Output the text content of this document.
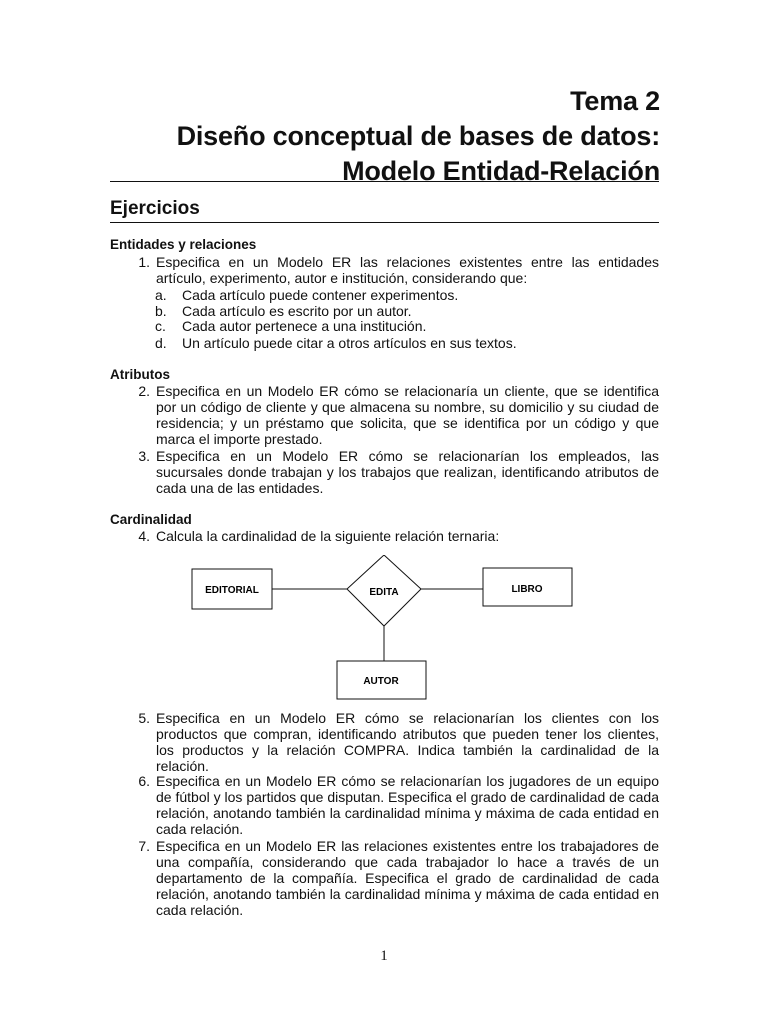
Tema 2
Diseño conceptual de bases de datos:
Modelo Entidad-Relación
Ejercicios
Entidades y relaciones
1. Especifica en un Modelo ER las relaciones existentes entre las entidades artículo, experimento, autor e institución, considerando que:
a. Cada artículo puede contener experimentos.
b. Cada artículo es escrito por un autor.
c. Cada autor pertenece a una institución.
d. Un artículo puede citar a otros artículos en sus textos.
Atributos
2. Especifica en un Modelo ER cómo se relacionaría un cliente, que se identifica por un código de cliente y que almacena su nombre, su domicilio y su ciudad de residencia; y un préstamo que solicita, que se identifica por un código y que marca el importe prestado.
3. Especifica en un Modelo ER cómo se relacionarían los empleados, las sucursales donde trabajan y los trabajos que realizan, identificando atributos de cada una de las entidades.
Cardinalidad
4. Calcula la cardinalidad de la siguiente relación ternaria:
EDITORIAL	LIBRO
EDITA
AUTOR
5. Especifica en un Modelo ER cómo se relacionarían los clientes con los productos que compran, identificando atributos que pueden tener los clientes, los productos y la relación COMPRA. Indica también la cardinalidad de la relación.
6. Especifica en un Modelo ER cómo se relacionarían los jugadores de un equipo de fútbol y los partidos que disputan. Especifica el grado de cardinalidad de cada relación, anotando también la cardinalidad mínima y máxima de cada entidad en cada relación.
7. Especifica en un Modelo ER las relaciones existentes entre los trabajadores de una compañía, considerando que cada trabajador lo hace a través de un departamento de la compañía. Especifica el grado de cardinalidad de cada relación, anotando también la cardinalidad mínima y máxima de cada entidad en cada relación.
1
